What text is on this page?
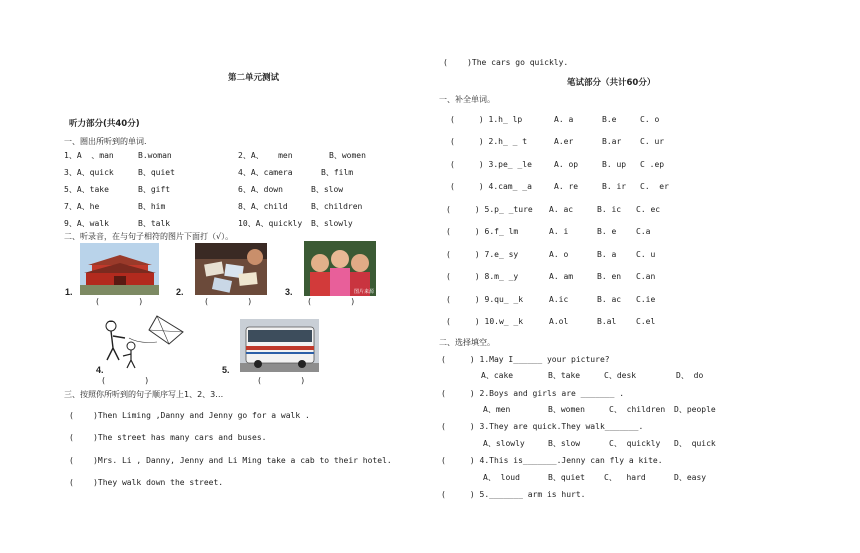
第二单元测试
听力部分(共40分)
一、圈出所听到的单词.
1、A  、man	B.woman	2、A、   men	B、women
3、A、quick	B、quiet	4、A、camera	B、film
5、A、take	B、gift	6、A、down	B、slow
7、A、he	B、him	8、A、child	B、children
9、A、walk	B、talk	10、A、quickly B、slowly
二、听录音，在与句子相符的图片下面打（√）。
1.
(        )
2.
(        )
3.	图片来源
(        )
4.
(        )
5.
(        )
三、按照你所听到的句子顺序写上1、2、3…
(    )Then Liming ,Danny and Jenny go for a walk .
(    )The street has many cars and buses.
(    )Mrs. Li , Danny, Jenny and Li Ming take a cab to their hotel.
(    )They walk down the street.
(    )The cars go quickly.
笔试部分（共计60分）
一、补全单词。
(     ) 1.h_ lp	A. a	B.e	C. o
(     ) 2.h_ _ t	A.er	B.ar C. ur
(     ) 3.pe_ _le	A. op	B. up C .ep
(     ) 4.cam_ _a	A. re	B. ir C.  er
(     ) 5.p_ _ture A. ac	B. ic C. ec
(     ) 6.f_ lm	A. i	B. e C.a
(     ) 7.e_ sy	A. o	B. a C. u
(     ) 8.m_ _y	A. am	B. en C.an
(     ) 9.qu_ _k	A.ic	B. ac C.ie
(     ) 10.w_ _k	A.ol	B.al C.el
二、选择填空。
(     ) 1.May I______ your picture?
A、cake	B、take	C、desk	D、 do
(     ) 2.Boys and girls are _______ .
A、men	B、women	C、 children D、people
(     ) 3.They are quick.They walk_______.
A、slowly	B、slow	C、 quickly D、 quick
(     ) 4.This is_______.Jenny can fly a kite.
A、 loud	B、quiet C、  hard	D、easy
(     ) 5._______ arm is hurt.
